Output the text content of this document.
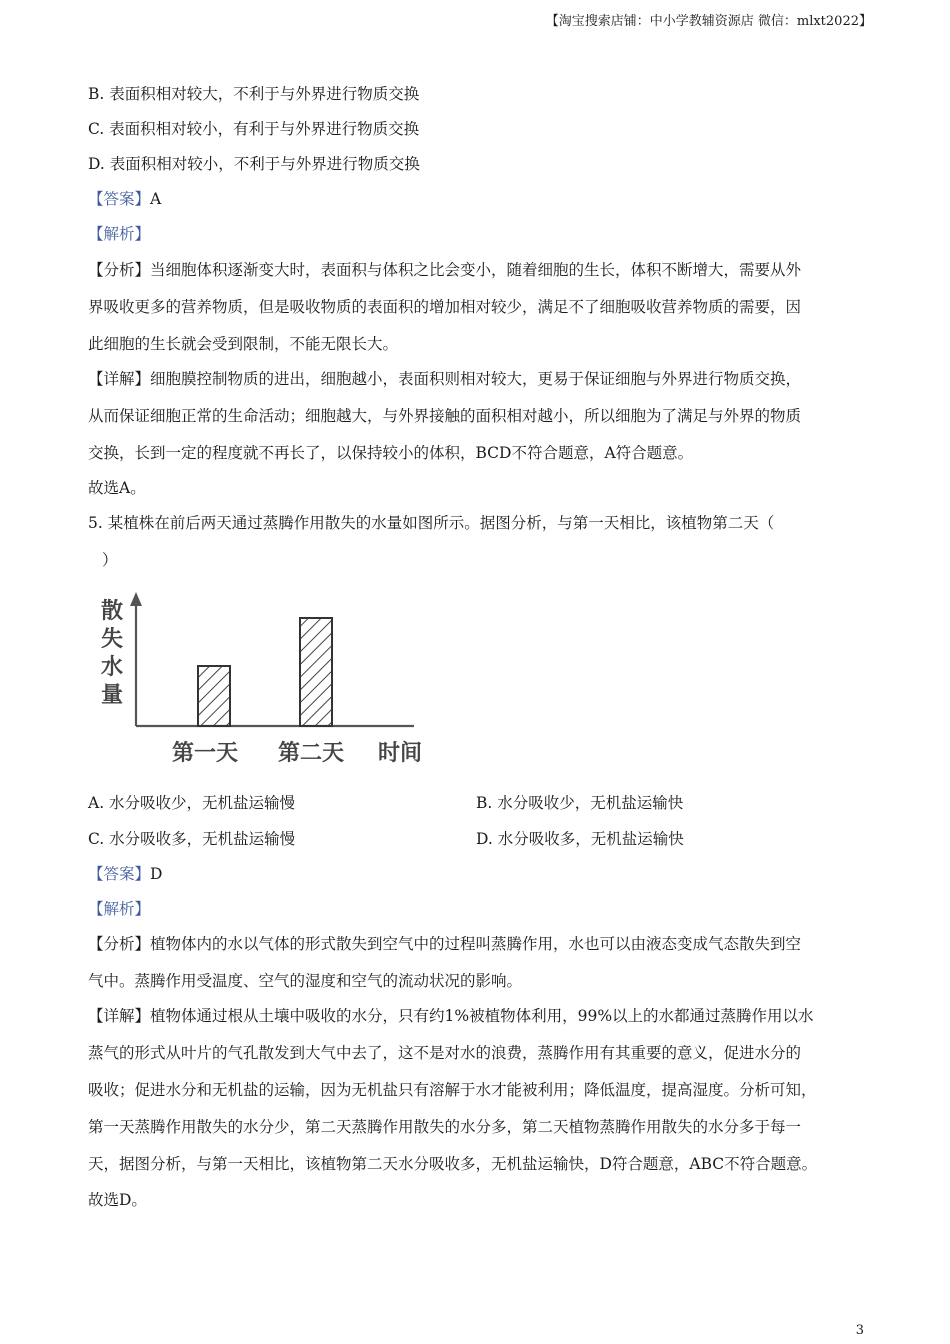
【淘宝搜索店铺：中小学教辅资源店 微信：mlxt2022】
B. 表面积相对较大，不利于与外界进行物质交换
C. 表面积相对较小，有利于与外界进行物质交换
D. 表面积相对较小，不利于与外界进行物质交换
【答案】A
【解析】
【分析】当细胞体积逐渐变大时，表面积与体积之比会变小，随着细胞的生长，体积不断增大，需要从外
界吸收更多的营养物质，但是吸收物质的表面积的增加相对较少，满足不了细胞吸收营养物质的需要，因
此细胞的生长就会受到限制，不能无限长大。
【详解】细胞膜控制物质的进出，细胞越小，表面积则相对较大，更易于保证细胞与外界进行物质交换，
从而保证细胞正常的生命活动；细胞越大，与外界接触的面积相对越小，所以细胞为了满足与外界的物质
交换，长到一定的程度就不再长了，以保持较小的体积，BCD不符合题意，A符合题意。
故选A。
5. 某植株在前后两天通过蒸腾作用散失的水量如图所示。据图分析，与第一天相比，该植物第二天（
）
散
失
水
量
第一天 第二天 时间
A. 水分吸收少，无机盐运输慢	B. 水分吸收少，无机盐运输快
C. 水分吸收多，无机盐运输慢	D. 水分吸收多，无机盐运输快
【答案】D
【解析】
【分析】植物体内的水以气体的形式散失到空气中的过程叫蒸腾作用，水也可以由液态变成气态散失到空
气中。蒸腾作用受温度、空气的湿度和空气的流动状况的影响。
【详解】植物体通过根从土壤中吸收的水分，只有约1%被植物体利用，99%以上的水都通过蒸腾作用以水
蒸气的形式从叶片的气孔散发到大气中去了，这不是对水的浪费，蒸腾作用有其重要的意义，促进水分的
吸收；促进水分和无机盐的运输，因为无机盐只有溶解于水才能被利用；降低温度，提高湿度。分析可知，
第一天蒸腾作用散失的水分少，第二天蒸腾作用散失的水分多，第二天植物蒸腾作用散失的水分多于每一
天，据图分析，与第一天相比，该植物第二天水分吸收多，无机盐运输快，D符合题意，ABC不符合题意。
故选D。
3
